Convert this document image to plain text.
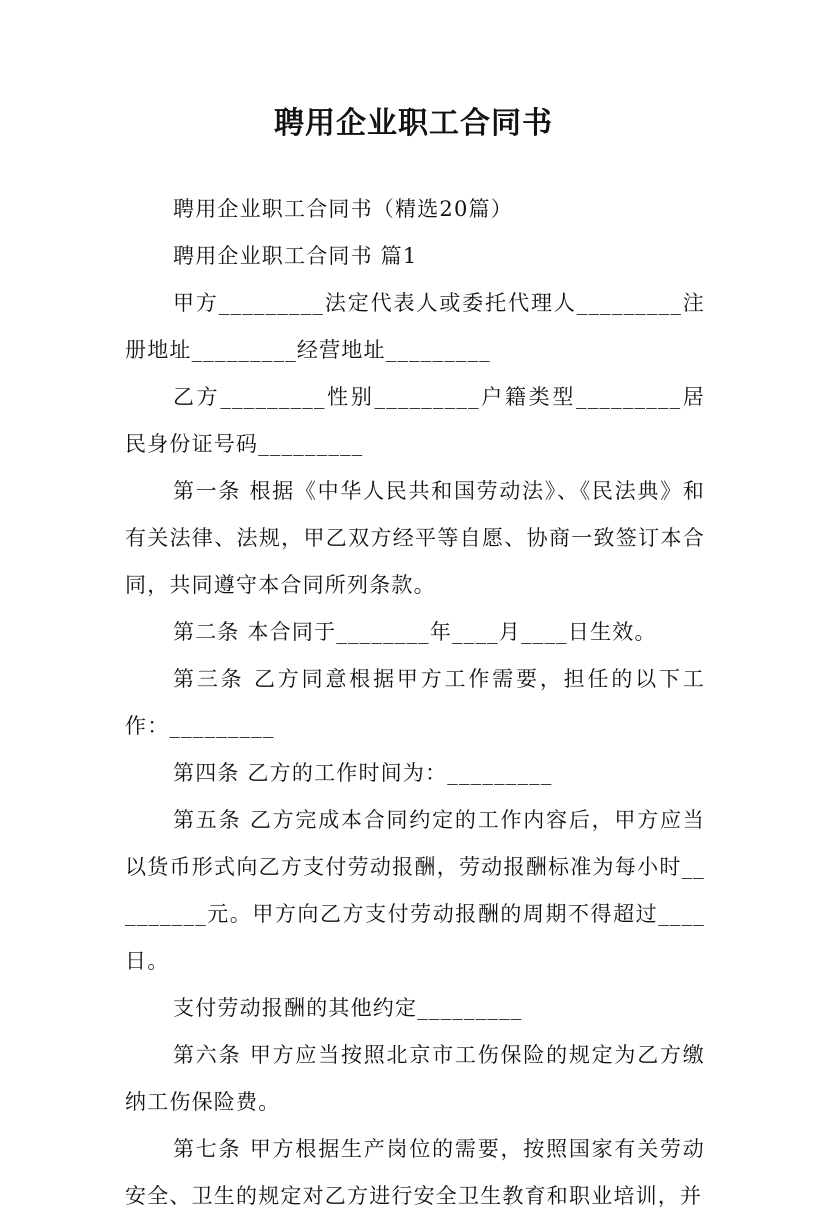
聘用企业职工合同书

聘用企业职工合同书（精选20篇）

聘用企业职工合同书 篇1

甲方_________法定代表人或委托代理人_________注册地址_________经营地址_________

乙方_________性别_________户籍类型_________居民身份证号码_________

第一条 根据《中华人民共和国劳动法》、《民法典》和有关法律、法规，甲乙双方经平等自愿、协商一致签订本合同，共同遵守本合同所列条款。

第二条 本合同于________年____月____日生效。

第三条 乙方同意根据甲方工作需要，担任的以下工作：_________

第四条 乙方的工作时间为：_________

第五条 乙方完成本合同约定的工作内容后，甲方应当以货币形式向乙方支付劳动报酬，劳动报酬标准为每小时_________元。甲方向乙方支付劳动报酬的周期不得超过____日。

支付劳动报酬的其他约定_________

第六条 甲方应当按照北京市工伤保险的规定为乙方缴纳工伤保险费。

第七条 甲方根据生产岗位的需要，按照国家有关劳动安全、卫生的规定对乙方进行安全卫生教育和职业培训，并
